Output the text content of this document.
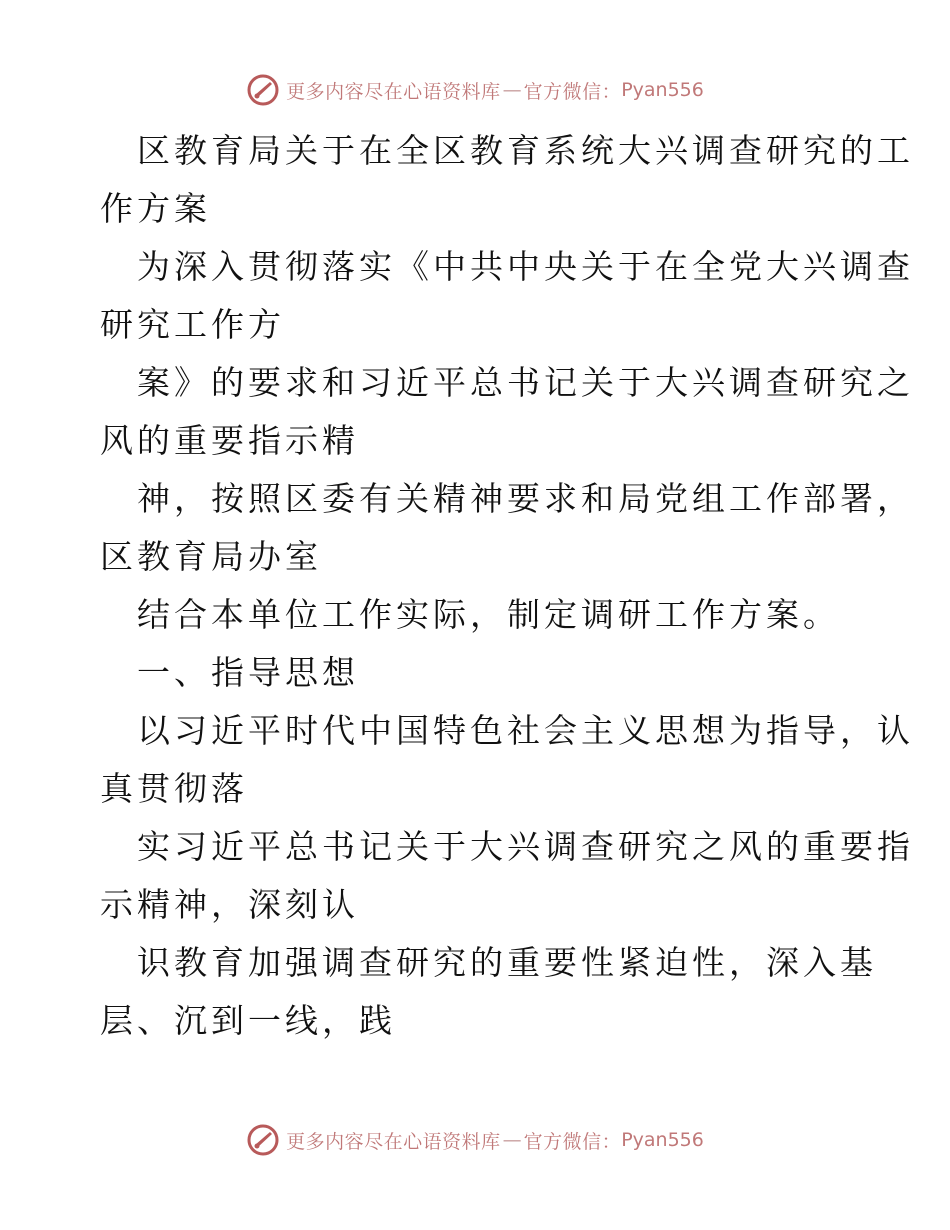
更多内容尽在心语资料库 — 官方微信： Pyan556
区教育局关于在全区教育系统大兴调查研究的工
作方案
为深入贯彻落实《中共中央关于在全党大兴调查
研究工作方
案》的要求和习近平总书记关于大兴调查研究之
风的重要指示精
神，按照区委有关精神要求和局党组工作部署，
区教育局办室
结合本单位工作实际，制定调研工作方案。
一、指导思想
以习近平时代中国特色社会主义思想为指导，认
真贯彻落
实习近平总书记关于大兴调查研究之风的重要指
示精神，深刻认
识教育加强调查研究的重要性紧迫性，深入基
层、沉到一线，践
更多内容尽在心语资料库 — 官方微信： Pyan556
